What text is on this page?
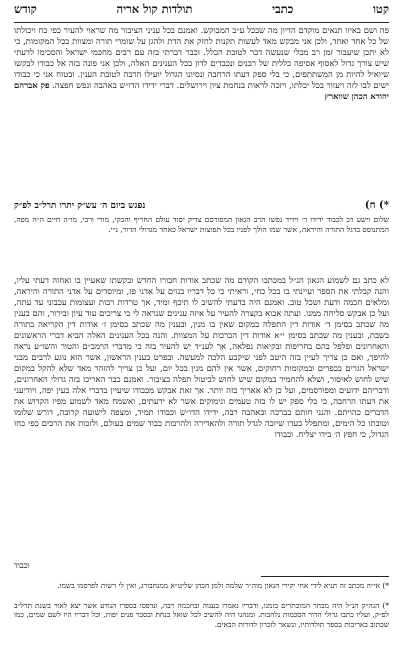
קטו
כתבי
תולדות קול אריה
קודש

פה ושם באיזו תנאים מוקדם הדיון מה שבכל ע״ב המבוקש. ואמנם בכל עניני הציבור מה שראוי להעיר כפי כח ויכולתו של כל אחד ואחד, ולכן אני מבקש מאד לעשות תקנות לחזק את הדת ולהגן על שומרי תורה ומצוות בכל המקומות, כי לא יתכן שיעבור זמן רב מבלי שנעשה דבר לטובת הכלל. וכבר דברתי בזה עם רבים מחכמי ישראל והסכימו לדעתי שיש צורך גדול לאסוף אסיפה כללית של רבנים ונכבדים לדון בכל הענינים האלה, ולכן אני פונה בזה אל כבודו לבקשו שיואיל להיות מן המשתתפים, כי בלי ספק דעתו הרחבה ונסיונו הגדול יועילו הרבה לטובת הענין. ובטוח אני כי כבודו ישים לבו לזה ויעזור בכל יכלתו, ויזכה לראות בנחמת ציון וירושלים. דברי ידידו הדו״ש באהבה ונפש חפצה. פק אברהם יהודא הכהן שווארץ

*) ח)
נפגש ביום ה׳ עש״ק יתרו תרל״ב לפ״ק

שלום וישע רב לכבוד ידידו ר׳ וידיד נפשו הרב הגאון המפורסם צדיק יסוד עולם החריף והבקי, מורי ורבי, מו״ה חיים ה״ה מפה, המתנוסס בדגל התורה והיראה, אשר שמו הולך לפניו בכל תפוצות ישראל כאחד מגדולי הדור, נ״י.

לא כתב גם לשמוע הגאון הנ״ל במכתבו הקודם מה שכתב אודות חבורו החדש ובקשתו שאעיין בו ואחוה דעתי עליו, והנה קבלתי את הספר ועיינתי בו בכל כחי, וראיתי כי כל דבריו בנוים על אדני פז, ומיוסדים על אדני התורה והיראה, ומלאים חכמה ודעת ושכל טוב. ואמנם היה בדעתי להשיב לו תיכף ומיד, אך טרדות רבות ועצומות עכבוני עד עתה, ועל כן אבקש סליחה ממנו. ועתה אבוא בקצרה להעיר על איזה ענינים שנראה לי כי צריכים עוד עיון ובירור, והם בענין מה שכתב בסימן ד׳ אודות דין התפלה במקום שאין בו מנין, ובענין מה שכתב בסימן ז׳ אודות דין הקריאה בתורה בשבת, ובענין מה שכתב בסימן י״א אודות דין הברכות על המצוות. והנה בכל הענינים האלה הביא דברי הראשונים והאחרונים ופלפל בהם בחריפות ובקיאות נפלאה, אך לענ״ד יש להעיר בזה כי מדברי הרמב״ם והטור והשו״ע נראה להיפך, ואם כן צריך לעיין בזה היטב לפני שיקבע הלכה למעשה. ובפרט בענין הראשון, אשר הוא נוגע לרבים מבני ישראל הגרים בכפרים ובמקומות רחוקים, אשר אין להם מנין בכל יום, ועל כן צריך להזהר מאד שלא להקל במקום שיש לחוש לאיסור, ושלא להחמיר במקום שיש לחוש לביטול תפלה בציבור. ואמנם כבר האריכו בזה גדולי האחרונים, ודבריהם ידועים ומפורסמים, ועל כן לא אאריך בזה יותר. אך זאת אבקש מכבודו שיעיין בדברי אלה בעין יפה, ויודיעני את דעתו הרחבה, כי בלי ספק יש לו בזה טעמים ונימוקים אשר לא ידעתים, ואשמח מאד לשמוע מפיו הקדוש את הדברים כהויתם. והנני חותם בברכה ובאהבה רבה, ידידו הדו״ש וכבודו תמיד, ומצפה לישועה קרובה, דורש שלומו וטובתו כל הימים, ומתפלל בעדו שיזכה לגדל תורה ולהאדירה ולהרבות כבוד שמים בעולם, ולזכות את הרבים כפי כחו הגדול, כי חפץ ה׳ בידו יצליח. וכבודו

וכבוד

*) אי״ה מכתב זה תניא לידי אחי יקירי הגאון מוה״ר שלמה זלמן הכהן שליט״א ממנחבורג, ואין לי רשות לפרסמו בשמו.

*) הגה״ק הנ״ל היה מבחר המוכתרים בזמנו, ודבריו נאמרו בענוה ובחכמה רבה, ונדפסו בספרו הנודע אשר יצא לאור בשנת תרל״ב לפ״ק, ועליו כתבו גדולי הדור הסכמות נלהבות. ומנהגו היה להשיב לכל שואל בנחת ובסבר פנים יפות, וכל דבריו היו לשם שמים, כמו שכתוב באריכות בספר תולדותיו, ונשאר לזכרון לדורות הבאים.
